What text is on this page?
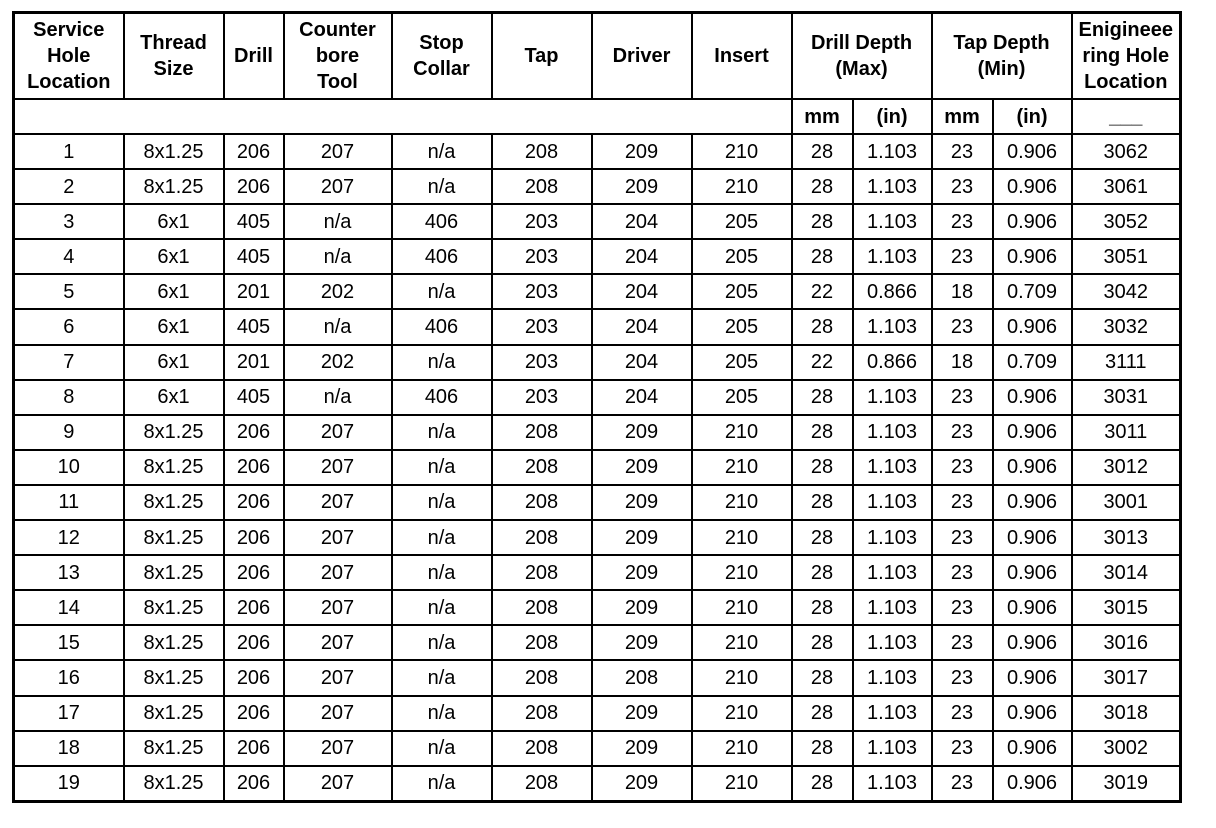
Service
Hole
Location	Thread
Size	Drill	Counter
bore
Tool	Stop
Collar	Tap	Driver	Insert	Drill Depth
(Max)		Tap Depth
(Min)		Enigineee
ring Hole
Location
								mm	(in)	mm	(in)	___
1	8x1.25	206	207	n/a	208	209	210	28	1.103	23	0.906	3062
2	8x1.25	206	207	n/a	208	209	210	28	1.103	23	0.906	3061
3	6x1	405	n/a	406	203	204	205	28	1.103	23	0.906	3052
4	6x1	405	n/a	406	203	204	205	28	1.103	23	0.906	3051
5	6x1	201	202	n/a	203	204	205	22	0.866	18	0.709	3042
6	6x1	405	n/a	406	203	204	205	28	1.103	23	0.906	3032
7	6x1	201	202	n/a	203	204	205	22	0.866	18	0.709	3111
8	6x1	405	n/a	406	203	204	205	28	1.103	23	0.906	3031
9	8x1.25	206	207	n/a	208	209	210	28	1.103	23	0.906	3011
10	8x1.25	206	207	n/a	208	209	210	28	1.103	23	0.906	3012
11	8x1.25	206	207	n/a	208	209	210	28	1.103	23	0.906	3001
12	8x1.25	206	207	n/a	208	209	210	28	1.103	23	0.906	3013
13	8x1.25	206	207	n/a	208	209	210	28	1.103	23	0.906	3014
14	8x1.25	206	207	n/a	208	209	210	28	1.103	23	0.906	3015
15	8x1.25	206	207	n/a	208	209	210	28	1.103	23	0.906	3016
16	8x1.25	206	207	n/a	208	208	210	28	1.103	23	0.906	3017
17	8x1.25	206	207	n/a	208	209	210	28	1.103	23	0.906	3018
18	8x1.25	206	207	n/a	208	209	210	28	1.103	23	0.906	3002
19	8x1.25	206	207	n/a	208	209	210	28	1.103	23	0.906	3019
